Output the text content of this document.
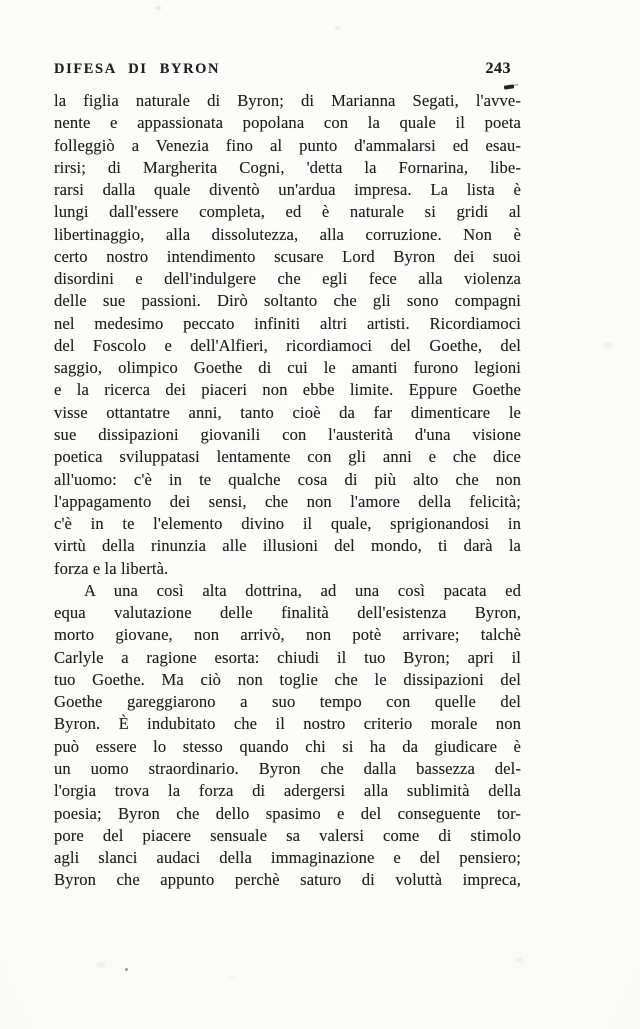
DIFESA DI BYRON	243
la figlia naturale di Byron; di Marianna Segati, l'avve-
nente e appassionata popolana con la quale il poeta
folleggiò a Venezia fino al punto d'ammalarsi ed esau-
rirsi; di Margherita Cogni, 'detta la Fornarina, libe-
rarsi dalla quale diventò un'ardua impresa. La lista è
lungi dall'essere completa, ed è naturale si gridi al
libertinaggio, alla dissolutezza, alla corruzione. Non è
certo nostro intendimento scusare Lord Byron dei suoi
disordini e dell'indulgere che egli fece alla violenza
delle sue passioni. Dirò soltanto che gli sono compagni
nel medesimo peccato infiniti altri artisti. Ricordiamoci
del Foscolo e dell'Alfieri, ricordiamoci del Goethe, del
saggio, olimpico Goethe di cui le amanti furono legioni
e la ricerca dei piaceri non ebbe limite. Eppure Goethe
visse ottantatre anni, tanto cioè da far dimenticare le
sue dissipazioni giovanili con l'austerità d'una visione
poetica sviluppatasi lentamente con gli anni e che dice
all'uomo: c'è in te qualche cosa di più alto che non
l'appagamento dei sensi, che non l'amore della felicità;
c'è in te l'elemento divino il quale, sprigionandosi in
virtù della rinunzia alle illusioni del mondo, ti darà la
forza e la libertà.
A una così alta dottrina, ad una così pacata ed
equa valutazione delle finalità dell'esistenza Byron,
morto giovane, non arrivò, non potè arrivare; talchè
Carlyle a ragione esorta: chiudi il tuo Byron; apri il
tuo Goethe. Ma ciò non toglie che le dissipazioni del
Goethe gareggiarono a suo tempo con quelle del
Byron. È indubitato che il nostro criterio morale non
può essere lo stesso quando chi si ha da giudicare è
un uomo straordinario. Byron che dalla bassezza del-
l'orgia trova la forza di adergersi alla sublimità della
poesia; Byron che dello spasimo e del conseguente tor-
pore del piacere sensuale sa valersi come di stimolo
agli slanci audaci della immaginazione e del pensiero;
Byron che appunto perchè saturo di voluttà impreca,
